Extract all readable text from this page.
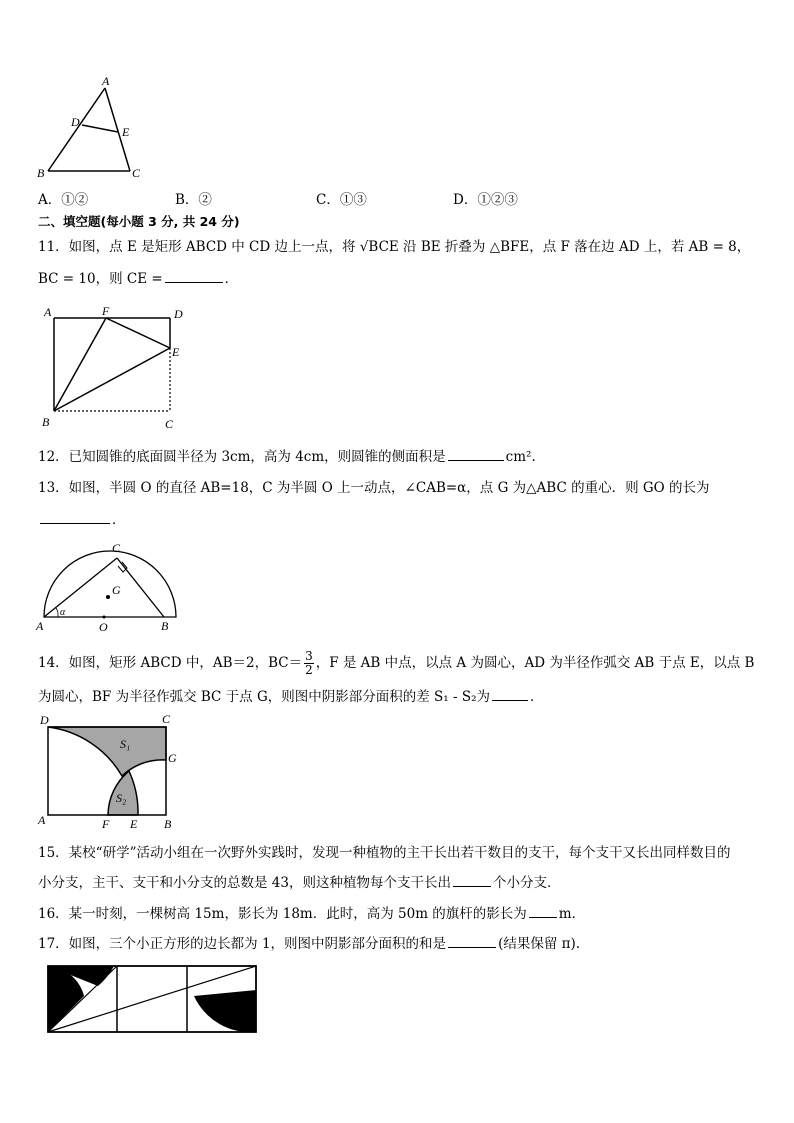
A
D
E
B	C
A．①②	B．②	C．①③	D．①②③
二、填空题(每小题 3 分, 共 24 分)
11．如图，点 E 是矩形 ABCD 中 CD 边上一点，将 √BCE 沿 BE 折叠为 △BFE，点 F 落在边 AD 上，若 AB = 8，
BC = 10，则 CE =	．
A	F	D
E
B	C
12．已知圆锥的底面圆半径为 3cm，高为 4cm，则圆锥的侧面积是	cm².
13．如图，半圆 O 的直径 AB=18，C 为半圆 O 上一动点，∠CAB=α，点 G 为△ABC 的重心．则 GO 的长为
．
C
G
A	O	B
α
14．如图，矩形 ABCD 中，AB＝2，$BC= \frac{3}{2}$ ，F 是 AB 中点，以点 A 为圆心，AD 为半径作弧交 AB 于点 E，以点 B
为圆心，BF 为半径作弧交 BC 于点 G，则图中阴影部分面积的差 S₁ - S₂为	．
D	C
S₁
G
S₂
A	F E B
15．某校“研学”活动小组在一次野外实践时，发现一种植物的主干长出若干数目的支干，每个支干又长出同样数目的
小分支，主干、支干和小分支的总数是 43，则这种植物每个支干长出	个小分支．
16．某一时刻，一棵树高 15m，影长为 18m．此时，高为 50m 的旗杆的影长为 m．
17．如图，三个小正方形的边长都为 1，则图中阴影部分面积的和是	(结果保留 π).
